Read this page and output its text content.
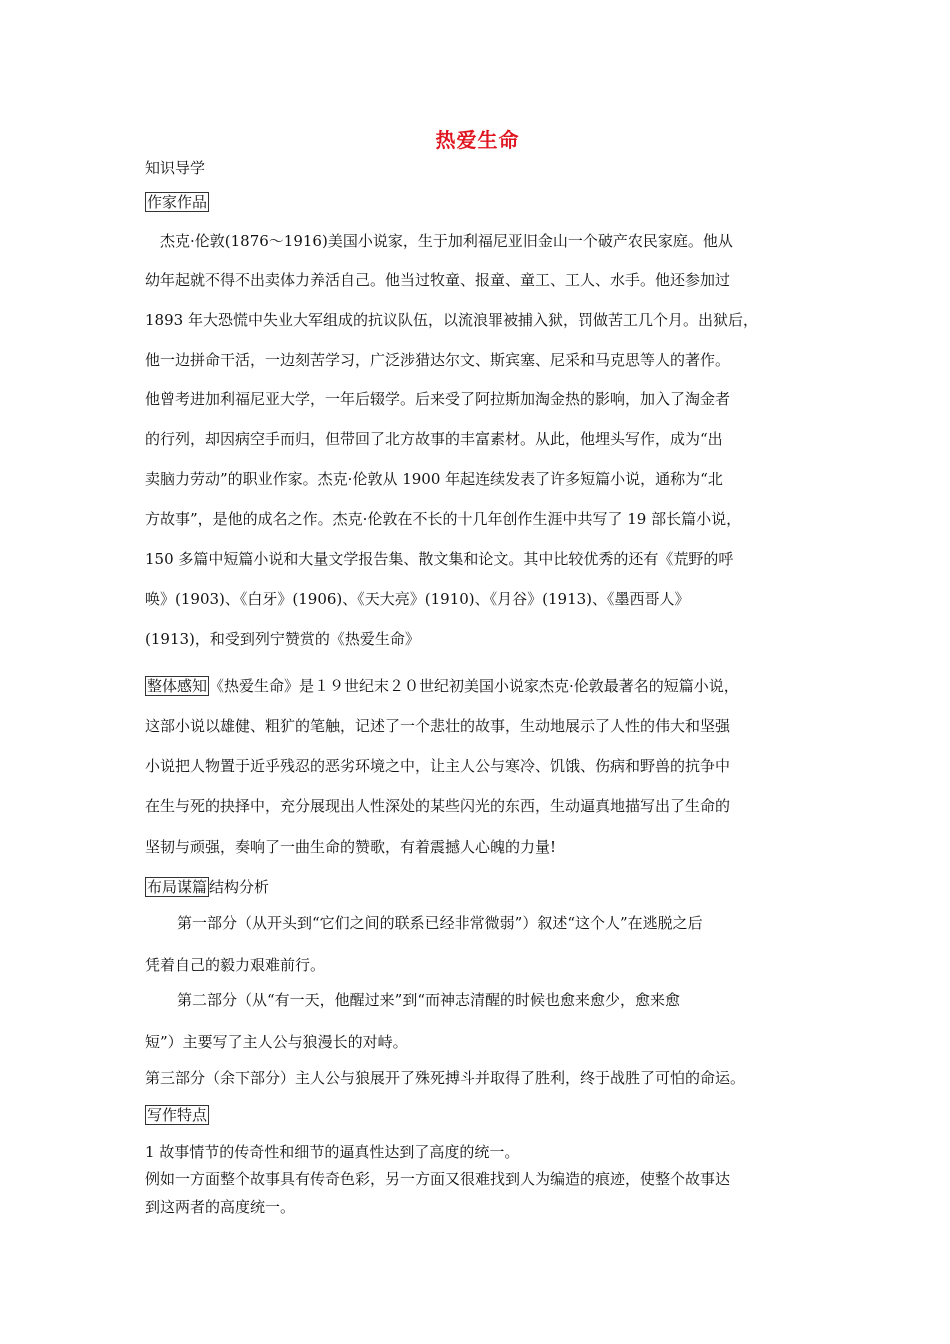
热爱生命
知识导学
作家作品
杰克·伦敦(1876～1916)美国小说家，生于加利福尼亚旧金山一个破产农民家庭。他从
幼年起就不得不出卖体力养活自己。他当过牧童、报童、童工、工人、水手。他还参加过
1893 年大恐慌中失业大军组成的抗议队伍，以流浪罪被捕入狱，罚做苦工几个月。出狱后，
他一边拼命干活，一边刻苦学习，广泛涉猎达尔文、斯宾塞、尼采和马克思等人的著作。
他曾考进加利福尼亚大学，一年后辍学。后来受了阿拉斯加淘金热的影响，加入了淘金者
的行列，却因病空手而归，但带回了北方故事的丰富素材。从此，他埋头写作，成为“出
卖脑力劳动”的职业作家。杰克·伦敦从 1900 年起连续发表了许多短篇小说，通称为“北
方故事”，是他的成名之作。杰克·伦敦在不长的十几年创作生涯中共写了 19 部长篇小说，
150 多篇中短篇小说和大量文学报告集、散文集和论文。其中比较优秀的还有《荒野的呼
唤》(1903)、《白牙》(1906)、《天大亮》(1910)、《月谷》(1913)、《墨西哥人》
(1913)，和受到列宁赞赏的《热爱生命》
整体感知 《热爱生命》是１９世纪末２０世纪初美国小说家杰克·伦敦最著名的短篇小说，
这部小说以雄健、粗犷的笔触，记述了一个悲壮的故事，生动地展示了人性的伟大和坚强
小说把人物置于近乎残忍的恶劣环境之中，让主人公与寒冷、饥饿、伤病和野兽的抗争中
在生与死的抉择中，充分展现出人性深处的某些闪光的东西，生动逼真地描写出了生命的
坚韧与顽强，奏响了一曲生命的赞歌，有着震撼人心魄的力量!
布局谋篇 结构分析
第一部分（从开头到“它们之间的联系已经非常微弱”）叙述“这个人”在逃脱之后
凭着自己的毅力艰难前行。
第二部分（从“有一天，他醒过来”到“而神志清醒的时候也愈来愈少，愈来愈
短”）主要写了主人公与狼漫长的对峙。
第三部分（余下部分）主人公与狼展开了殊死搏斗并取得了胜利，终于战胜了可怕的命运。
写作特点
1 故事情节的传奇性和细节的逼真性达到了高度的统一。
例如一方面整个故事具有传奇色彩，另一方面又很难找到人为编造的痕迹，使整个故事达
到这两者的高度统一。
